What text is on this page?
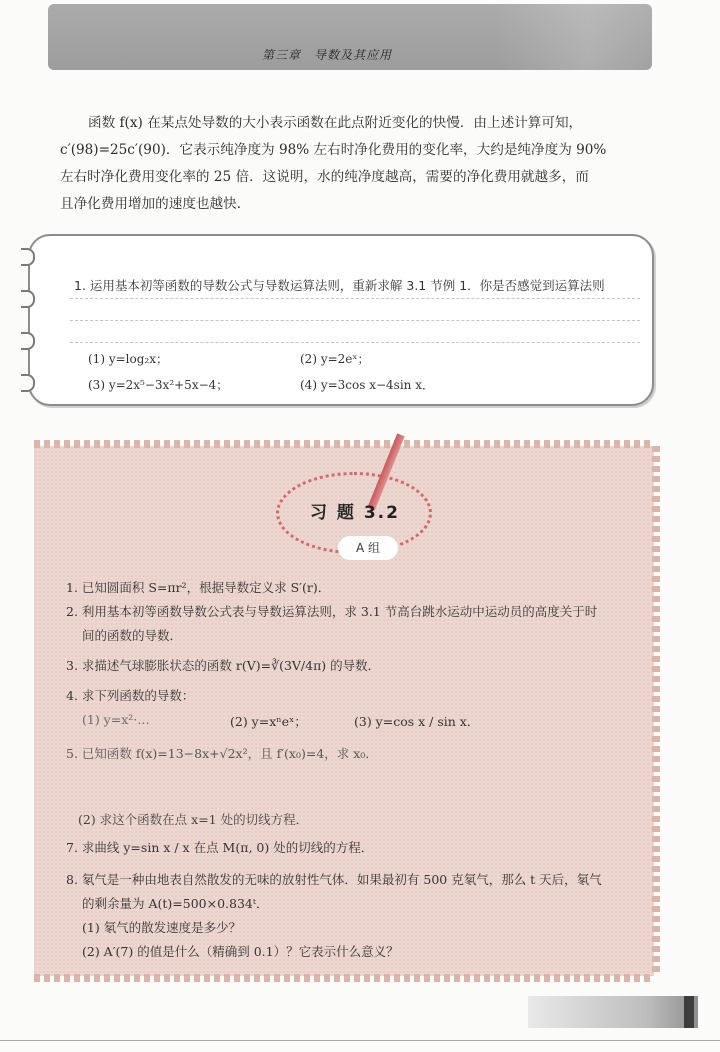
第三章　导数及其应用

函数 f(x) 在某点处导数的大小表示函数在此点附近变化的快慢．由上述计算可知，

c′(98)=25c′(90)．它表示纯净度为 98% 左右时净化费用的变化率，大约是纯净度为 90%

左右时净化费用变化率的 25 倍．这说明，水的纯净度越高，需要的净化费用就越多，而

且净化费用增加的速度也越快．

1. 运用基本初等函数的导数公式与导数运算法则，重新求解 3.1 节例 1．你是否感觉到运算法则
(1) y=log₂x；	(2) y=2eˣ；
(3) y=2x⁵−3x²+5x−4；	(4) y=3cos x−4sin x．
习 题 3.2
A 组
1. 已知圆面积 S=πr²，根据导数定义求 S′(r)．
2. 利用基本初等函数导数公式表与导数运算法则，求 3.1 节高台跳水运动中运动员的高度关于时
间的函数的导数．
3. 求描述气球膨胀状态的函数 r(V)=∛(3V/4π) 的导数．
4. 求下列函数的导数：
(1) y=x²·…	(2) y=xⁿeˣ；	(3) y=cos x / sin x．
5. 已知函数 f(x)=13−8x+√2x²，且 f′(x₀)=4，求 x₀．
(2) 求这个函数在点 x=1 处的切线方程．
7. 求曲线 y=sin x / x 在点 M(π, 0) 处的切线的方程．
8. 氡气是一种由地表自然散发的无味的放射性气体．如果最初有 500 克氡气，那么 t 天后，氡气
的剩余量为 A(t)=500×0.834ᵗ．
(1) 氡气的散发速度是多少？
(2) A′(7) 的值是什么（精确到 0.1）？它表示什么意义？
